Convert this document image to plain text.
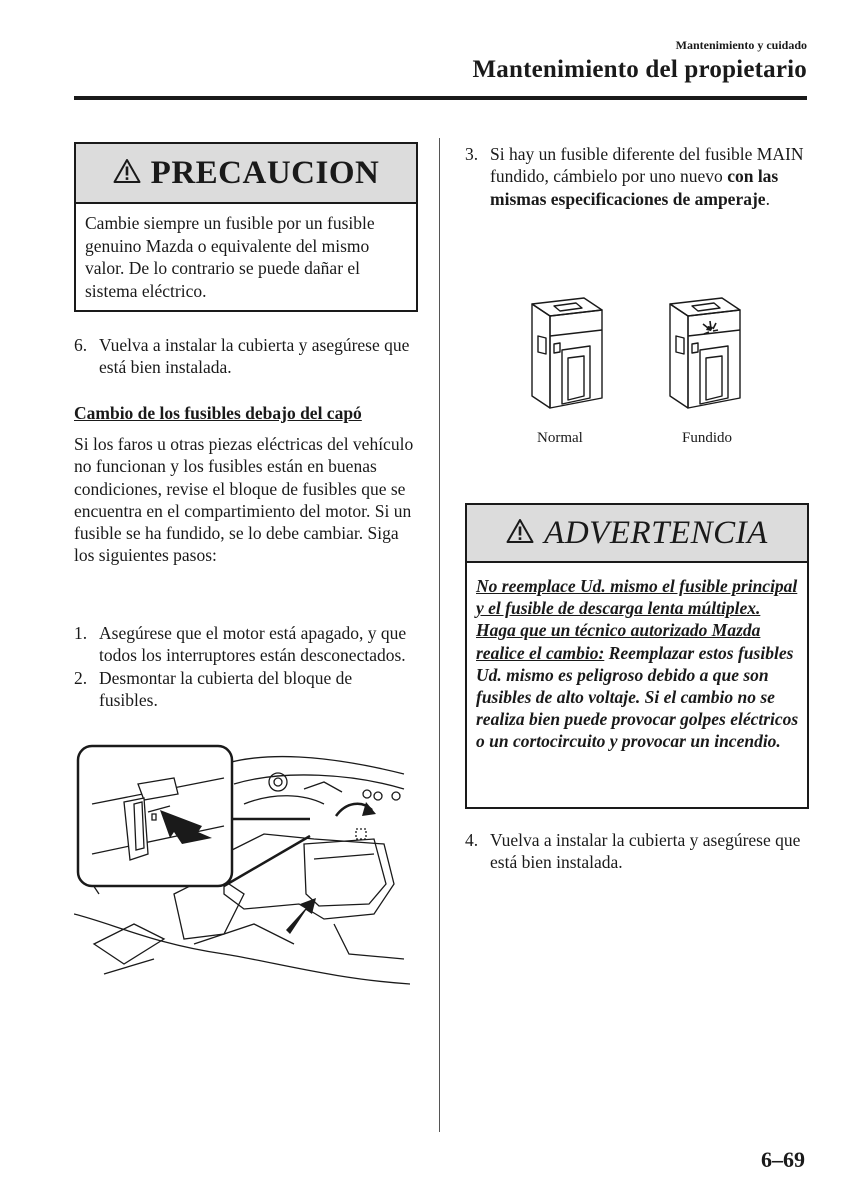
Mantenimiento y cuidado
Mantenimiento del propietario
PRECAUCION
Cambie siempre un fusible por un fusible genuino Mazda o equivalente del mismo valor. De lo contrario se puede dañar el sistema eléctrico.
6. Vuelva a instalar la cubierta y asegúrese que está bien instalada.
Cambio de los fusibles debajo del capó
Si los faros u otras piezas eléctricas del vehículo no funcionan y los fusibles están en buenas condiciones, revise el bloque de fusibles que se encuentra en el compartimiento del motor. Si un fusible se ha fundido, se lo debe cambiar. Siga los siguientes pasos:
1. Asegúrese que el motor está apagado, y que todos los interruptores están desconectados.
2. Desmontar la cubierta del bloque de fusibles.
3. Si hay un fusible diferente del fusible MAIN fundido, cámbielo por uno nuevo con las mismas especificaciones de amperaje.
Normal	Fundido
ADVERTENCIA
No reemplace Ud. mismo el fusible principal y el fusible de descarga lenta múltiplex. Haga que un técnico autorizado Mazda realice el cambio: Reemplazar estos fusibles Ud. mismo es peligroso debido a que son fusibles de alto voltaje. Si el cambio no se realiza bien puede provocar golpes eléctricos o un cortocircuito y provocar un incendio.
4. Vuelva a instalar la cubierta y asegúrese que está bien instalada.
6–69
